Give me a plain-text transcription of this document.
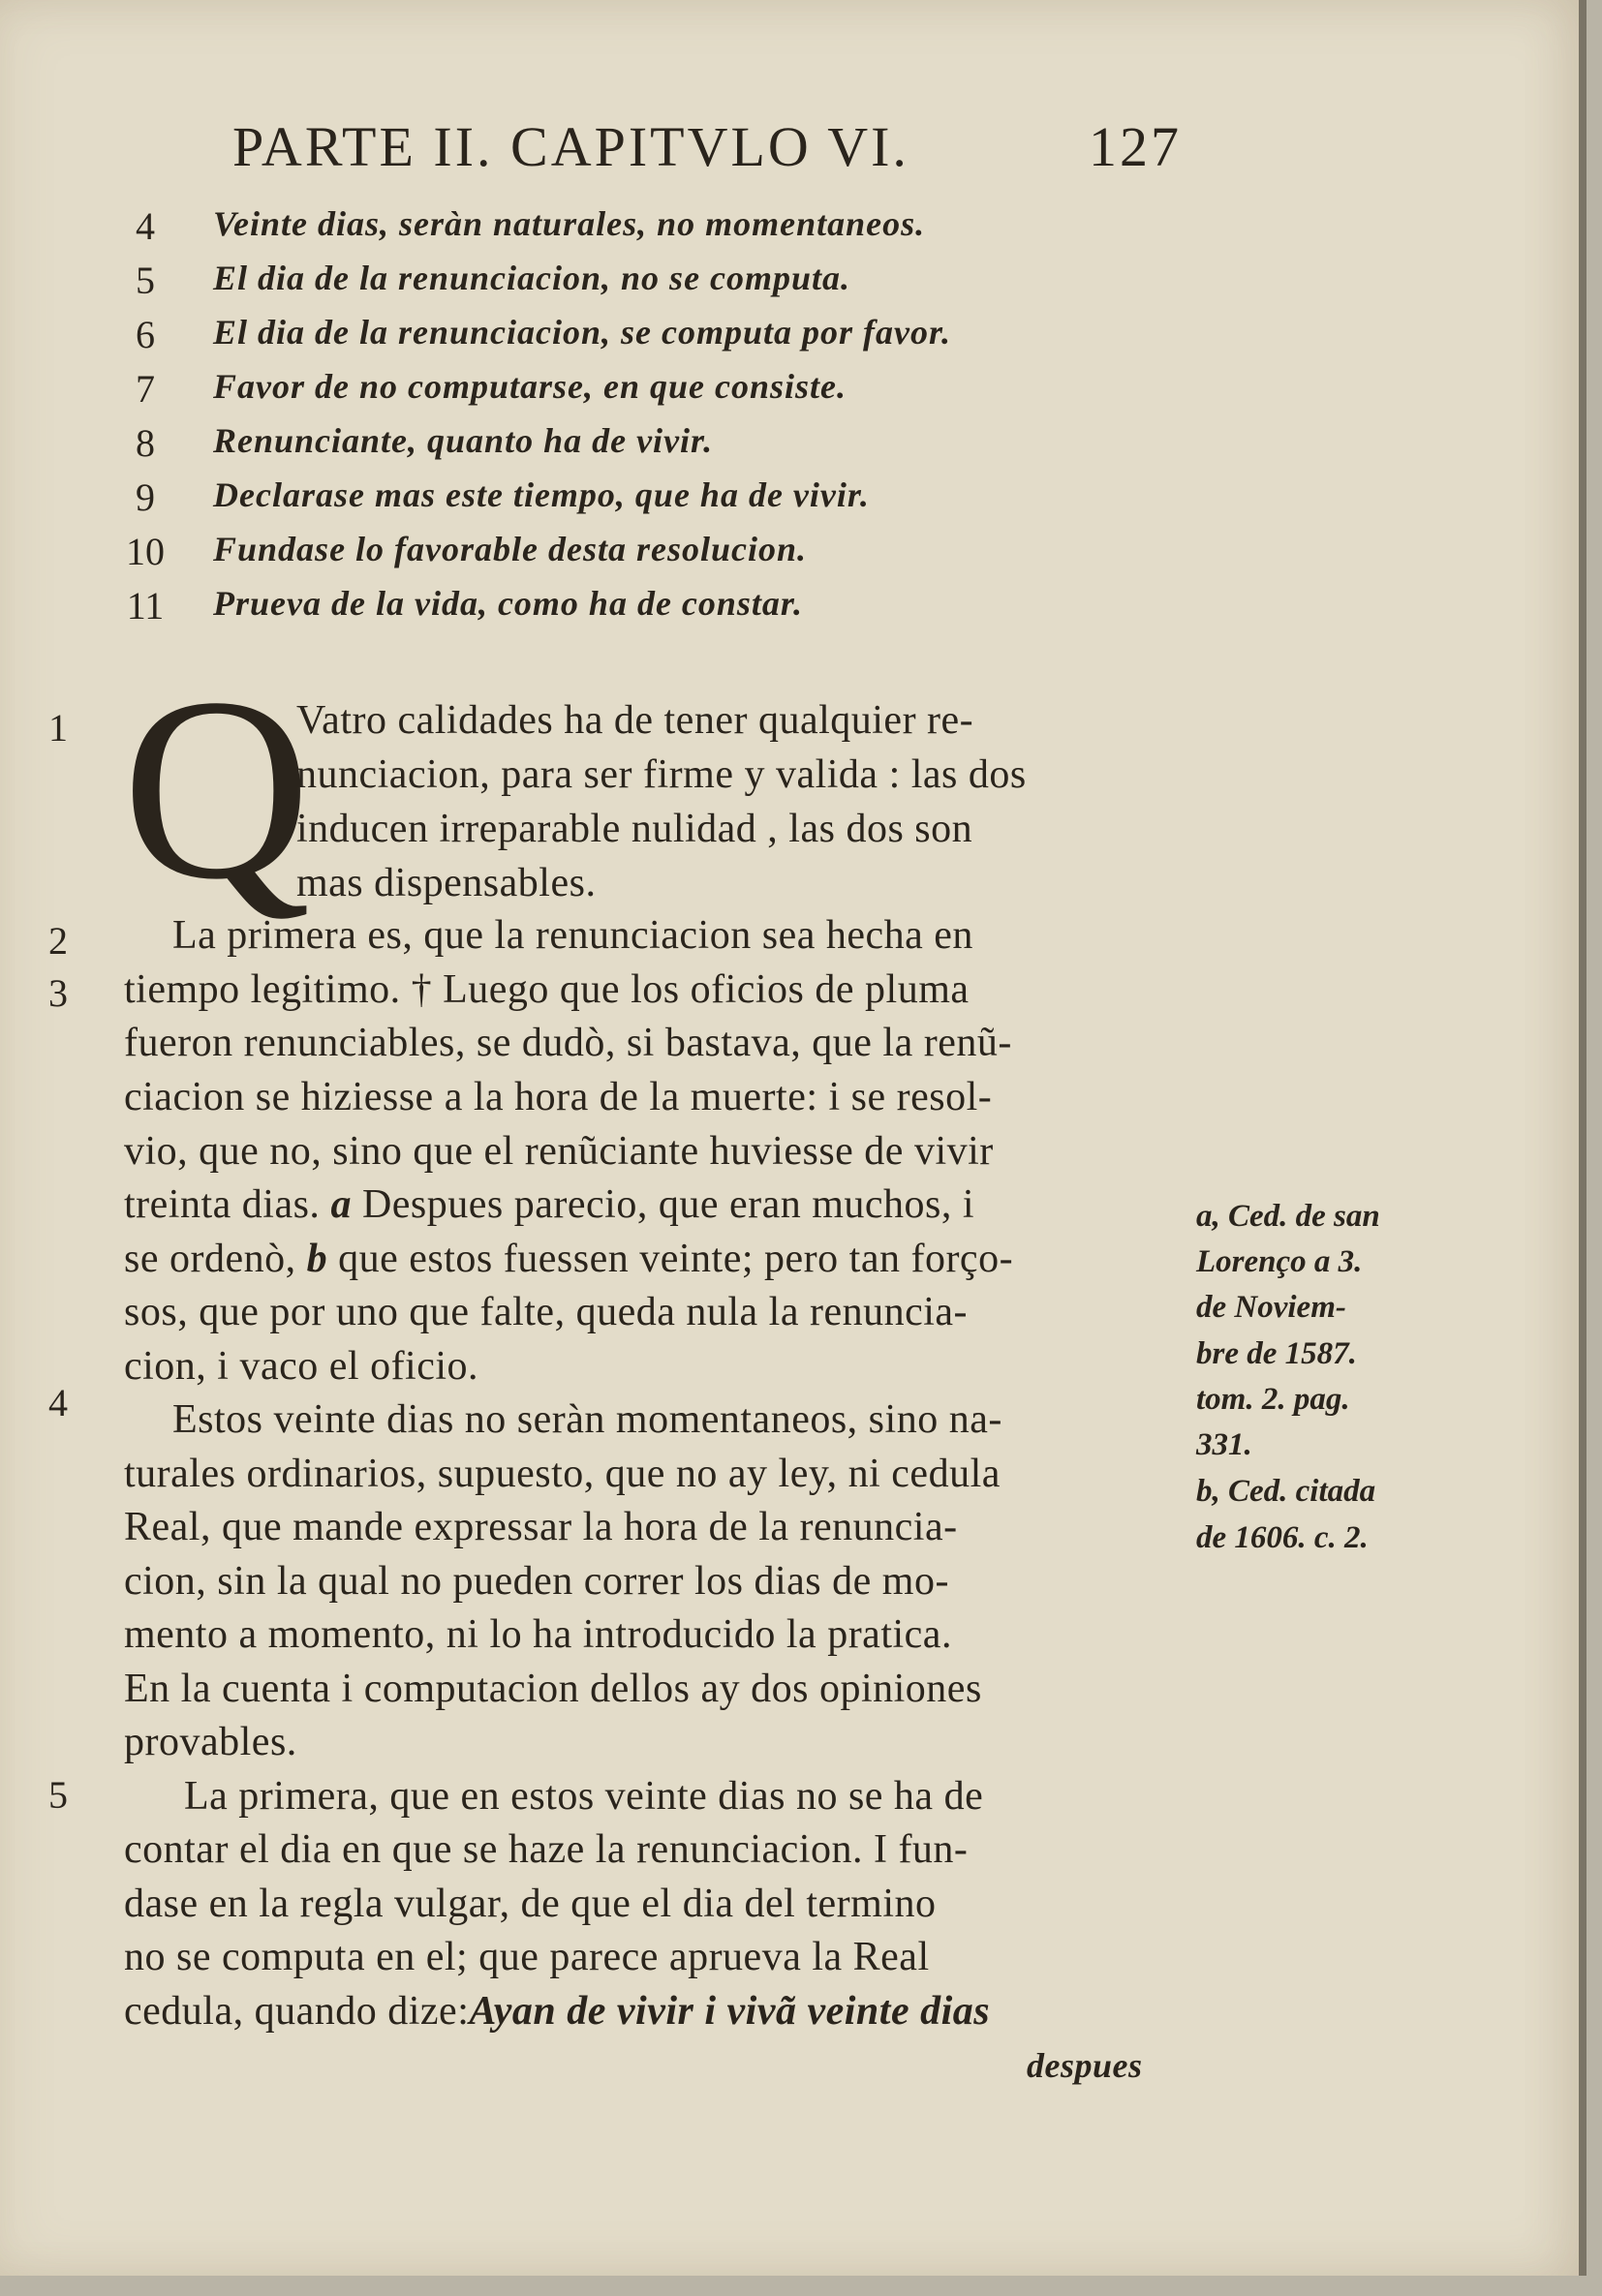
PARTE II. CAPITVLO VI.	127
4	Veinte dias, seràn naturales, no momentaneos.
5	El dia de la renunciacion, no se computa.
6	El dia de la renunciacion, se computa por favor.
7	Favor de no computarse, en que consiste.
8	Renunciante, quanto ha de vivir.
9	Declarase mas este tiempo, que ha de vivir.
10	Fundase lo favorable desta resolucion.
11	Prueva de la vida, como ha de constar.
1
2
3
4
5
Q
Vatro calidades ha de tener qualquier re-
nunciacion, para ser firme y valida : las dos
inducen irreparable nulidad , las dos son
mas dispensables.
La primera es, que la renunciacion sea hecha en
tiempo legitimo. † Luego que los oficios de pluma
fueron renunciables, se dudò, si bastava, que la renũ-
ciacion se hiziesse a la hora de la muerte: i se resol-
vio, que no, sino que el renũciante huviesse de vivir
treinta dias. a Despues parecio, que eran muchos, i
se ordenò, b que estos fuessen veinte; pero tan forço-
sos, que por uno que falte, queda nula la renuncia-
cion, i vaco el oficio.
Estos veinte dias no seràn momentaneos, sino na-
turales ordinarios, supuesto, que no ay ley, ni cedula
Real, que mande expressar la hora de la renuncia-
cion, sin la qual no pueden correr los dias de mo-
mento a momento, ni lo ha introducido la pratica.
En la cuenta i computacion dellos ay dos opiniones
provables.
La primera, que en estos veinte dias no se ha de
contar el dia en que se haze la renunciacion. I fun-
dase en la regla vulgar, de que el dia del termino
no se computa en el; que parece aprueva la Real
cedula, quando dize:Ayan de vivir i vivã veinte dias
despues
a, Ced. de san
Lorenço a 3.
de Noviem-
bre de 1587.
tom. 2. pag.
331.
b, Ced. citada
de 1606. c. 2.
